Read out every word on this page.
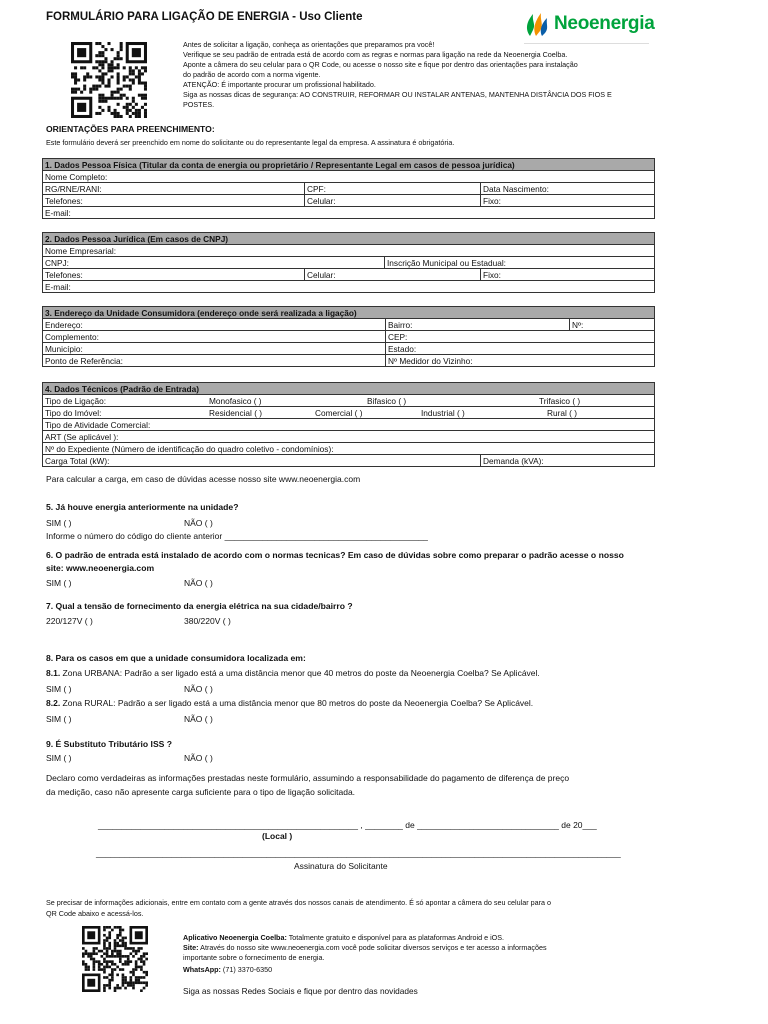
FORMULÁRIO PARA LIGAÇÃO DE ENERGIA - Uso Cliente	Neoenergia
Antes de solicitar a ligação, conheça as orientações que preparamos pra você!
Verifique se seu padrão de entrada está de acordo com as regras e normas para ligação na rede da Neoenergia Coelba.
Aponte a câmera do seu celular para o QR Code, ou acesse o nosso site e fique por dentro das orientações para instalação
do padrão de acordo com a norma vigente.
ATENÇÃO: É importante procurar um profissional habilitado.
Siga as nossas dicas de segurança: AO CONSTRUIR, REFORMAR OU INSTALAR ANTENAS, MANTENHA DISTÂNCIA DOS FIOS E
POSTES.
ORIENTAÇÕES PARA PREENCHIMENTO:
Este formulário deverá ser preenchido em nome do solicitante ou do representante legal da empresa. A assinatura é obrigatória.
1. Dados Pessoa Física (Titular da conta de energia ou proprietário / Representante Legal em casos de pessoa jurídica)		
Nome Completo:		
RG/RNE/RANI:	CPF:	Data Nascimento:
Telefones:	Celular:	Fixo:
E-mail:		
2. Dados Pessoa Jurídica (Em casos de CNPJ)			
Nome Empresarial:			
CNPJ:		Inscrição Municipal ou Estadual:	
Telefones:	Celular:		Fixo:
E-mail:			
3. Endereço da Unidade Consumidora (endereço onde será realizada a ligação)		
Endereço:	Bairro:	Nº:
Complemento:	CEP:	
Município:	Estado:	
Ponto de Referência:	Nº Medidor do Vizinho:	
4. Dados Técnicos (Padrão de Entrada)
Tipo de Ligação:	Monofasico ( )	Bifasico ( )	Trifasico ( )

Tipo do Imóvel:	Residencial ( )	Comercial ( )	Industrial ( )	Rural ( )

Tipo de Atividade Comercial:
ART (Se aplicável ):
Nº do Expediente (Número de identificação do quadro coletivo - condomínios):
Carga Total (kW):	Demanda (kVA):
Para calcular a carga, em caso de dúvidas acesse nosso site www.neoenergia.com
5. Já houve energia anteriormente na unidade?
SIM ( )	NÃO ( )
Informe o número do código do cliente anterior ___________________________________________
6. O padrão de entrada está instalado de acordo com o normas tecnicas? Em caso de dúvidas sobre como preparar o padrão acesse o nosso
site: www.neoenergia.com
SIM ( )	NÃO ( )
7. Qual a tensão de fornecimento da energia elétrica na sua cidade/bairro ?
220/127V ( )	380/220V ( )
8. Para os casos em que a unidade consumidora localizada em:
8.1. Zona URBANA: Padrão a ser ligado está a uma distância menor que 40 metros do poste da Neoenergia Coelba? Se Aplicável.
SIM ( )	NÃO ( )
8.2. Zona RURAL: Padrão a ser ligado está a uma distância menor que 80 metros do poste da Neoenergia Coelba? Se Aplicável.
SIM ( )	NÃO ( )
9. É Substituto Tributário ISS ?
SIM ( )	NÃO ( )
Declaro como verdadeiras as informações prestadas neste formulário, assumindo a responsabilidade do pagamento de diferença de preço
da medição, caso não apresente carga suficiente para o tipo de ligação solicitada.
_______________________________________________________ , ________ de ______________________________ de 20___
(Local )
_______________________________________________________________________________________________________________
Assinatura do Solicitante
Se precisar de informações adicionais, entre em contato com a gente através dos nossos canais de atendimento. É só apontar a câmera do seu celular para o
QR Code abaixo e acessá-los.
Aplicativo Neoenergia Coelba: Totalmente gratuito e disponível para as plataformas Android e iOS.
Site: Através do nosso site www.neoenergia.com você pode solicitar diversos serviços e ter acesso a informações
importante sobre o fornecimento de energia.
WhatsApp: (71) 3370-6350
Siga as nossas Redes Sociais e fique por dentro das novidades
